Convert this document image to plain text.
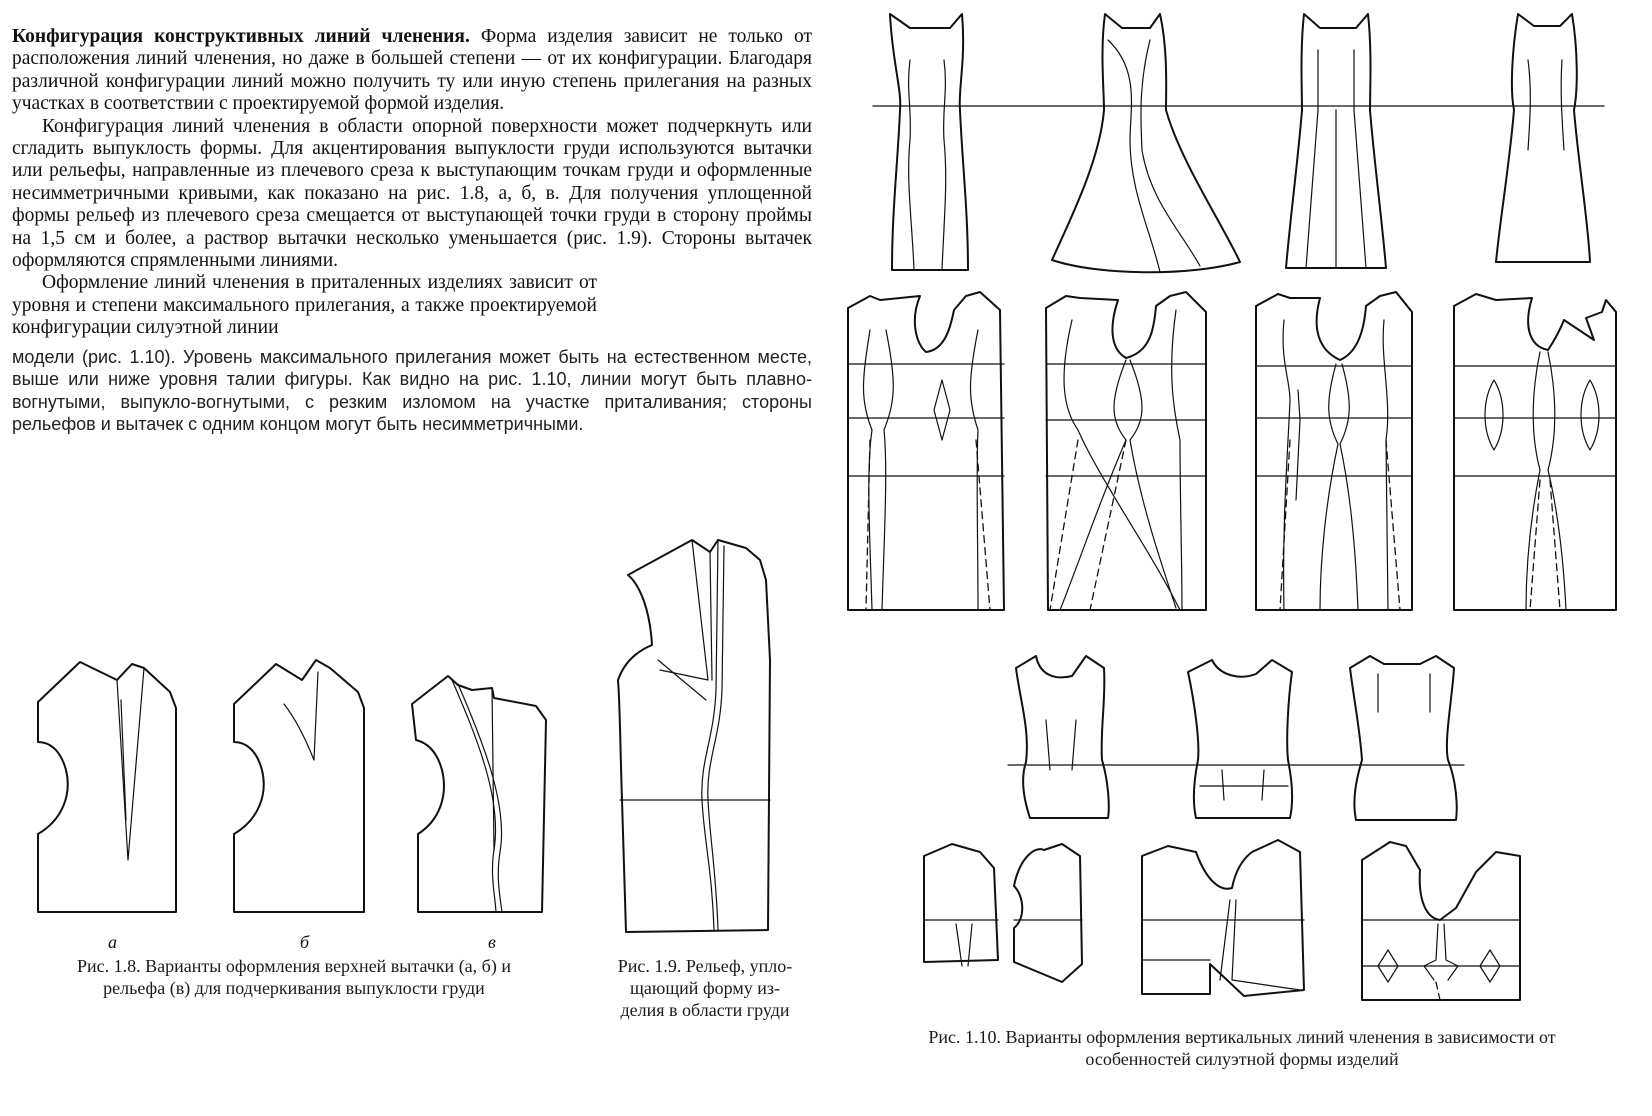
Конфигурация конструктивных линий членения. Форма изделия зависит не только от расположения линий членения, но даже в большей степени — от их конфигурации. Благодаря различной конфигурации линий можно получить ту или иную степень прилегания на разных участках в соответствии с проектируемой формой изделия.

Конфигурация линий членения в области опорной поверхности может подчеркнуть или сгладить выпуклость формы. Для акцентирования выпуклости груди используются вытачки или рельефы, направленные из плечевого среза к выступающим точкам груди и оформленные несимметричными кривыми, как показано на рис. 1.8, а, б, в. Для получения уплощенной формы рельеф из плечевого среза смещается от выступающей точки груди в сторону проймы на 1,5 см и более, а раствор вытачки несколько уменьшается (рис. 1.9). Стороны вытачек оформляются спрямленными линиями.

Оформление линий членения в приталенных изделиях зависит от уровня и степени максимального прилегания, а также проектируемой конфигурации силуэтной линии

модели (рис. 1.10). Уровень максимального прилегания может быть на естественном месте, выше или ниже уровня талии фигуры. Как видно на рис. 1.10, линии могут быть плавно-вогнутыми, выпукло-вогнутыми, с резким изломом на участке приталивания; стороны рельефов и вытачек с одним концом могут быть несимметричными.

а	б	в
Рис. 1.8. Варианты оформления верхней вытачки (а, б) и
рельефа (в) для подчеркивания выпуклости груди
Рис. 1.9. Рельеф, упло-
щающий форму из-
делия в области груди
Рис. 1.10. Варианты оформления вертикальных линий членения в зависимости от
особенностей силуэтной формы изделий
